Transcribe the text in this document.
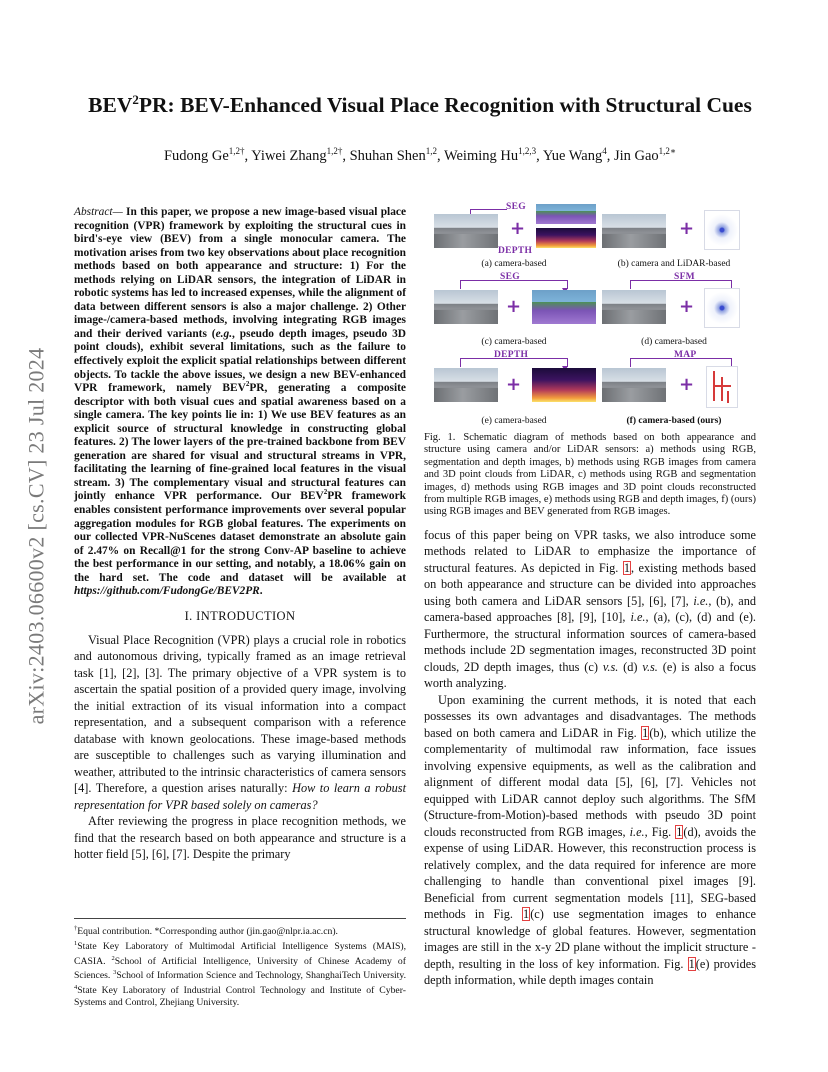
arXiv:2403.06600v2 [cs.CV] 23 Jul 2024
BEV$^2$PR: BEV-Enhanced Visual Place Recognition with Structural Cues
Fudong $Ge^{1,2\dagger}$, Yiwei Zhang$^{1,2\dagger}$, Shuhan Shen$^{1,2}$, Weiming Hu$^{1,2,3}$, Yue Wang$^4$, Jin Gao$^{1,2∗}$
Abstract— In this paper, we propose a new image-based visual place recognition (VPR) framework by exploiting the structural cues in bird's-eye view (BEV) from a single monocular camera. The motivation arises from two key observations about place recognition methods based on both appearance and structure: 1) For the methods relying on LiDAR sensors, the integration of LiDAR in robotic systems has led to increased expenses, while the alignment of data between different sensors is also a major challenge. 2) Other image-/camera-based methods, involving integrating RGB images and their derived variants (e.g., pseudo depth images, pseudo 3D point clouds), exhibit several limitations, such as the failure to effectively exploit the explicit spatial relationships between different objects. To tackle the above issues, we design a new BEV-enhanced VPR framework, namely BEV$^2$PR, generating a composite descriptor with both visual cues and spatial awareness based on a single camera. The key points lie in: 1) We use BEV features as an explicit source of structural knowledge in constructing global features. 2) The lower layers of the pre-trained backbone from BEV generation are shared for visual and structural streams in VPR, facilitating the learning of fine-grained local features in the visual stream. 3) The complementary visual and structural features can jointly enhance VPR performance. Our BEV$^2$PR framework enables consistent performance improvements over several popular aggregation modules for RGB global features. The experiments on our collected VPR-NuScenes dataset demonstrate an absolute gain of 2.47% on Recall@1 for the strong Conv-AP baseline to achieve the best performance in our setting, and notably, a 18.06% gain on the hard set. The code and dataset will be available at https://github.com/FudongGe/BEV2PR.
I. INTRODUCTION

Visual Place Recognition (VPR) plays a crucial role in robotics and autonomous driving, typically framed as an image retrieval task [1], [2], [3]. The primary objective of a VPR system is to ascertain the spatial position of a provided query image, involving the initial extraction of its visual information into a compact representation, and a subsequent comparison with a reference database with known geolocations. These image-based methods are susceptible to challenges such as varying illumination and weather, attributed to the intrinsic characteristics of camera sensors [4]. Therefore, a question arises naturally: How to learn a robust representation for VPR based solely on cameras?

After reviewing the progress in place recognition methods, we find that the research based on both appearance and structure is a hotter field [5], [6], [7]. Despite the primary

†Equal contribution. *Corresponding author (jin.gao@nlpr.ia.ac.cn).
$^1$State Key Laboratory of Multimodal Artificial Intelligence Systems (MAIS), CASIA. $^2$School of Artificial Intelligence, University of Chinese Academy of Sciences. $^3$School of Information Science and Technology, ShanghaiTech University. $^4$State Key Laboratory of Industrial Control Technology and Institute of Cyber-Systems and Control, Zhejiang University.
SEG
+
DEPTH
(a) camera-based
+
(b) camera and LiDAR-based
SEG
+
(c) camera-based
SFM
+
(d) camera-based
DEPTH
+
(e) camera-based
MAP
+
(f) camera-based (ours)
Fig. 1. Schematic diagram of methods based on both appearance and structure using camera and/or LiDAR sensors: a) methods using RGB, segmentation and depth images, b) methods using RGB images from camera and 3D point clouds from LiDAR, c) methods using RGB and segmentation images, d) methods using RGB images and 3D point clouds reconstructed from multiple RGB images, e) methods using RGB and depth images, f) (ours) using RGB images and BEV generated from RGB images.

focus of this paper being on VPR tasks, we also introduce some methods related to LiDAR to emphasize the importance of structural features. As depicted in Fig. 1, existing methods based on both appearance and structure can be divided into approaches using both camera and LiDAR sensors [5], [6], [7], i.e., (b), and camera-based approaches [8], [9], [10], i.e., (a), (c), (d) and (e). Furthermore, the structural information sources of camera-based methods include 2D segmentation images, reconstructed 3D point clouds, 2D depth images, thus (c) v.s. (d) v.s. (e) is also a focus worth analyzing.

Upon examining the current methods, it is noted that each possesses its own advantages and disadvantages. The methods based on both camera and LiDAR in Fig. 1(b), which utilize the complementarity of multimodal raw information, face issues involving expensive equipments, as well as the calibration and alignment of different modal data [5], [6], [7]. Vehicles not equipped with LiDAR cannot deploy such algorithms. The SfM (Structure-from-Motion)-based methods with pseudo 3D point clouds reconstructed from RGB images, i.e., Fig. 1(d), avoids the expense of using LiDAR. However, this reconstruction process is relatively complex, and the data required for inference are more challenging to handle than conventional pixel images [9]. Beneficial from current segmentation models [11], SEG-based methods in Fig. 1(c) use segmentation images to enhance structural knowledge of global features. However, segmentation images are still in the x-y 2D plane without the implicit structure - depth, resulting in the loss of key information. Fig. 1(e) provides depth information, while depth images contain
